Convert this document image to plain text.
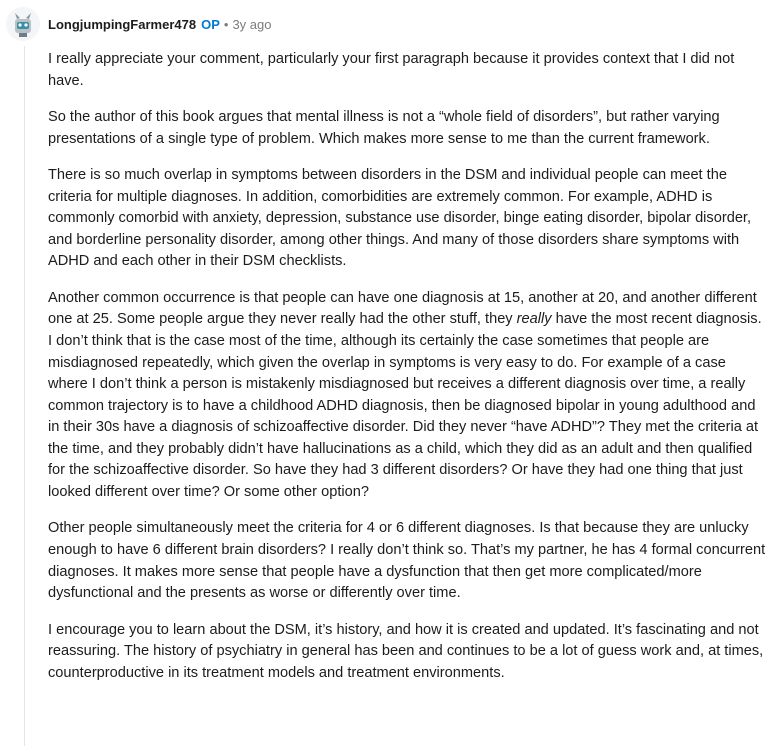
LongjumpingFarmer478 OP • 3y ago

I really appreciate your comment, particularly your first paragraph because it provides context that I did not have.

So the author of this book argues that mental illness is not a “whole field of disorders”, but rather varying presentations of a single type of problem. Which makes more sense to me than the current framework.

There is so much overlap in symptoms between disorders in the DSM and individual people can meet the criteria for multiple diagnoses. In addition, comorbidities are extremely common. For example, ADHD is commonly comorbid with anxiety, depression, substance use disorder, binge eating disorder, bipolar disorder, and borderline personality disorder, among other things. And many of those disorders share symptoms with ADHD and each other in their DSM checklists.

Another common occurrence is that people can have one diagnosis at 15, another at 20, and another different one at 25. Some people argue they never really had the other stuff, they really have the most recent diagnosis. I don’t think that is the case most of the time, although its certainly the case sometimes that people are misdiagnosed repeatedly, which given the overlap in symptoms is very easy to do. For example of a case where I don’t think a person is mistakenly misdiagnosed but receives a different diagnosis over time, a really common trajectory is to have a childhood ADHD diagnosis, then be diagnosed bipolar in young adulthood and in their 30s have a diagnosis of schizoaffective disorder. Did they never “have ADHD”? They met the criteria at the time, and they probably didn’t have hallucinations as a child, which they did as an adult and then qualified for the schizoaffective disorder. So have they had 3 different disorders? Or have they had one thing that just looked different over time? Or some other option?

Other people simultaneously meet the criteria for 4 or 6 different diagnoses. Is that because they are unlucky enough to have 6 different brain disorders? I really don’t think so. That’s my partner, he has 4 formal concurrent diagnoses. It makes more sense that people have a dysfunction that then get more complicated/more dysfunctional and the presents as worse or differently over time.

I encourage you to learn about the DSM, it’s history, and how it is created and updated. It’s fascinating and not reassuring. The history of psychiatry in general has been and continues to be a lot of guess work and, at times, counterproductive in its treatment models and treatment environments.
